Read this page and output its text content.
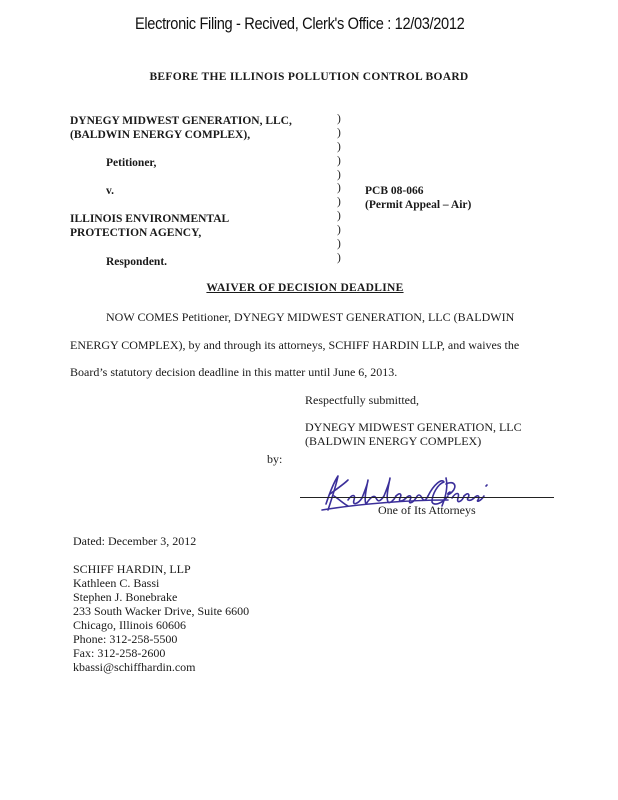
Electronic Filing - Recived, Clerk's Office : 12/03/2012
BEFORE THE ILLINOIS POLLUTION CONTROL BOARD
DYNEGY MIDWEST GENERATION, LLC,
(BALDWIN ENERGY COMPLEX),
Petitioner,
v.
ILLINOIS ENVIRONMENTAL
PROTECTION AGENCY,
Respondent.
)
)
)
)
)
)
)
)
)
)
)
PCB 08-066
(Permit Appeal – Air)
WAIVER OF DECISION DEADLINE
NOW COMES Petitioner, DYNEGY MIDWEST GENERATION, LLC (BALDWIN
ENERGY COMPLEX), by and through its attorneys, SCHIFF HARDIN LLP, and waives the
Board’s statutory decision deadline in this matter until June 6, 2013.
Respectfully submitted,
DYNEGY MIDWEST GENERATION, LLC
(BALDWIN ENERGY COMPLEX)
by:
One of Its Attorneys
Dated: December 3, 2012
SCHIFF HARDIN, LLP
Kathleen C. Bassi
Stephen J. Bonebrake
233 South Wacker Drive, Suite 6600
Chicago, Illinois 60606
Phone: 312-258-5500
Fax: 312-258-2600
kbassi@schiffhardin.com
